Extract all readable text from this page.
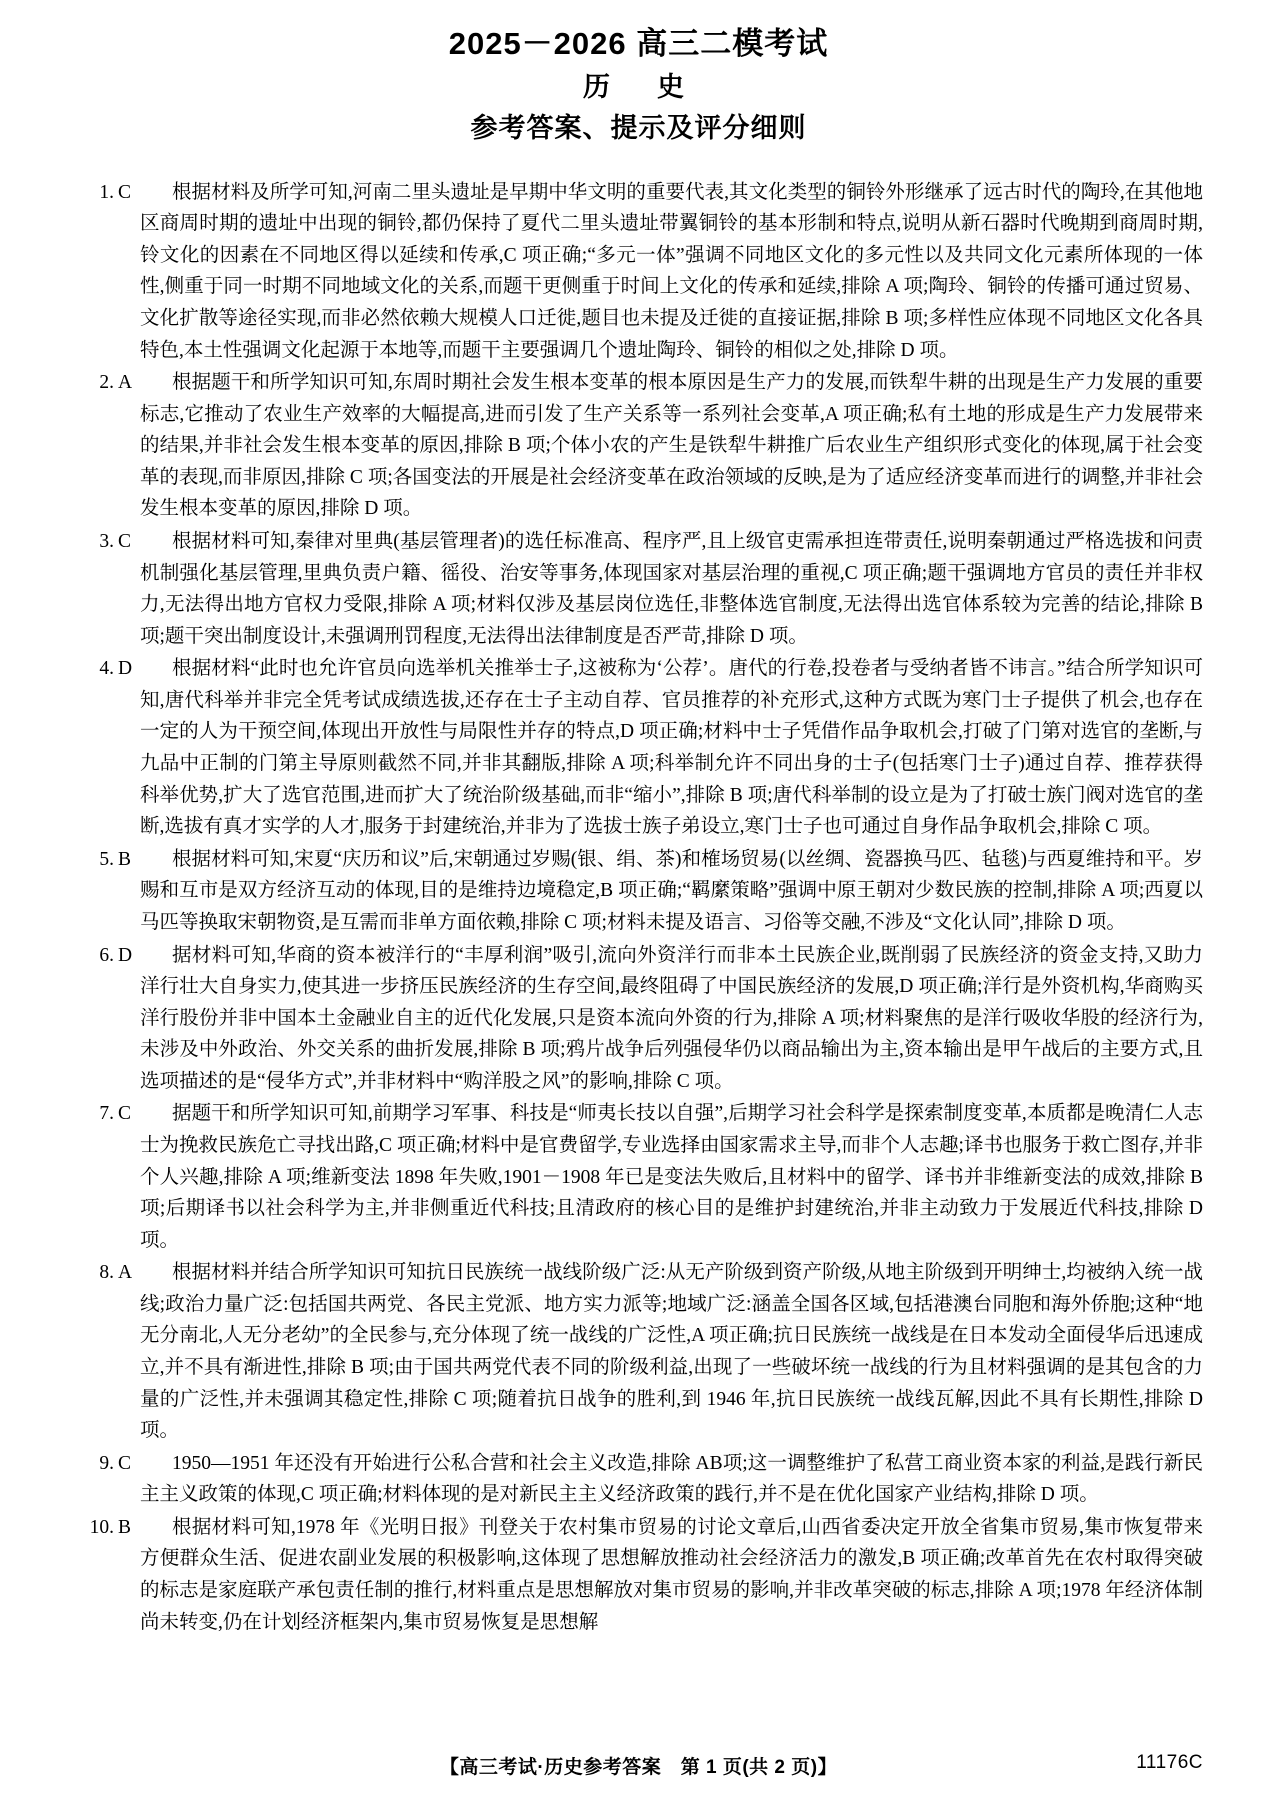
2025－2026 高三二模考试
历　史
参考答案、提示及评分细则
1. C	根据材料及所学可知,河南二里头遗址是早期中华文明的重要代表,其文化类型的铜铃外形继承了远古时代的陶玲,在其他地区商周时期的遗址中出现的铜铃,都仍保持了夏代二里头遗址带翼铜铃的基本形制和特点,说明从新石器时代晚期到商周时期,铃文化的因素在不同地区得以延续和传承,C 项正确;“多元一体”强调不同地区文化的多元性以及共同文化元素所体现的一体性,侧重于同一时期不同地域文化的关系,而题干更侧重于时间上文化的传承和延续,排除 A 项;陶玲、铜铃的传播可通过贸易、文化扩散等途径实现,而非必然依赖大规模人口迁徙,题目也未提及迁徙的直接证据,排除 B 项;多样性应体现不同地区文化各具特色,本土性强调文化起源于本地等,而题干主要强调几个遗址陶玲、铜铃的相似之处,排除 D 项。
2. A	根据题干和所学知识可知,东周时期社会发生根本变革的根本原因是生产力的发展,而铁犁牛耕的出现是生产力发展的重要标志,它推动了农业生产效率的大幅提高,进而引发了生产关系等一系列社会变革,A 项正确;私有土地的形成是生产力发展带来的结果,并非社会发生根本变革的原因,排除 B 项;个体小农的产生是铁犁牛耕推广后农业生产组织形式变化的体现,属于社会变革的表现,而非原因,排除 C 项;各国变法的开展是社会经济变革在政治领域的反映,是为了适应经济变革而进行的调整,并非社会发生根本变革的原因,排除 D 项。
3. C	根据材料可知,秦律对里典(基层管理者)的选任标准高、程序严,且上级官吏需承担连带责任,说明秦朝通过严格选拔和问责机制强化基层管理,里典负责户籍、徭役、治安等事务,体现国家对基层治理的重视,C 项正确;题干强调地方官员的责任并非权力,无法得出地方官权力受限,排除 A 项;材料仅涉及基层岗位选任,非整体选官制度,无法得出选官体系较为完善的结论,排除 B 项;题干突出制度设计,未强调刑罚程度,无法得出法律制度是否严苛,排除 D 项。
4. D	根据材料“此时也允许官员向选举机关推举士子,这被称为‘公荐’。唐代的行卷,投卷者与受纳者皆不讳言。”结合所学知识可知,唐代科举并非完全凭考试成绩选拔,还存在士子主动自荐、官员推荐的补充形式,这种方式既为寒门士子提供了机会,也存在一定的人为干预空间,体现出开放性与局限性并存的特点,D 项正确;材料中士子凭借作品争取机会,打破了门第对选官的垄断,与九品中正制的门第主导原则截然不同,并非其翻版,排除 A 项;科举制允许不同出身的士子(包括寒门士子)通过自荐、推荐获得科举优势,扩大了选官范围,进而扩大了统治阶级基础,而非“缩小”,排除 B 项;唐代科举制的设立是为了打破士族门阀对选官的垄断,选拔有真才实学的人才,服务于封建统治,并非为了选拔士族子弟设立,寒门士子也可通过自身作品争取机会,排除 C 项。
5. B	根据材料可知,宋夏“庆历和议”后,宋朝通过岁赐(银、绢、茶)和榷场贸易(以丝绸、瓷器换马匹、毡毯)与西夏维持和平。岁赐和互市是双方经济互动的体现,目的是维持边境稳定,B 项正确;“羁縻策略”强调中原王朝对少数民族的控制,排除 A 项;西夏以马匹等换取宋朝物资,是互需而非单方面依赖,排除 C 项;材料未提及语言、习俗等交融,不涉及“文化认同”,排除 D 项。
6. D	据材料可知,华商的资本被洋行的“丰厚利润”吸引,流向外资洋行而非本土民族企业,既削弱了民族经济的资金支持,又助力洋行壮大自身实力,使其进一步挤压民族经济的生存空间,最终阻碍了中国民族经济的发展,D 项正确;洋行是外资机构,华商购买洋行股份并非中国本土金融业自主的近代化发展,只是资本流向外资的行为,排除 A 项;材料聚焦的是洋行吸收华股的经济行为,未涉及中外政治、外交关系的曲折发展,排除 B 项;鸦片战争后列强侵华仍以商品输出为主,资本输出是甲午战后的主要方式,且选项描述的是“侵华方式”,并非材料中“购洋股之风”的影响,排除 C 项。
7. C	据题干和所学知识可知,前期学习军事、科技是“师夷长技以自强”,后期学习社会科学是探索制度变革,本质都是晚清仁人志士为挽救民族危亡寻找出路,C 项正确;材料中是官费留学,专业选择由国家需求主导,而非个人志趣;译书也服务于救亡图存,并非个人兴趣,排除 A 项;维新变法 1898 年失败,1901－1908 年已是变法失败后,且材料中的留学、译书并非维新变法的成效,排除 B 项;后期译书以社会科学为主,并非侧重近代科技;且清政府的核心目的是维护封建统治,并非主动致力于发展近代科技,排除 D 项。
8. A	根据材料并结合所学知识可知抗日民族统一战线阶级广泛:从无产阶级到资产阶级,从地主阶级到开明绅士,均被纳入统一战线;政治力量广泛:包括国共两党、各民主党派、地方实力派等;地域广泛:涵盖全国各区域,包括港澳台同胞和海外侨胞;这种“地无分南北,人无分老幼”的全民参与,充分体现了统一战线的广泛性,A 项正确;抗日民族统一战线是在日本发动全面侵华后迅速成立,并不具有渐进性,排除 B 项;由于国共两党代表不同的阶级利益,出现了一些破坏统一战线的行为且材料强调的是其包含的力量的广泛性,并未强调其稳定性,排除 C 项;随着抗日战争的胜利,到 1946 年,抗日民族统一战线瓦解,因此不具有长期性,排除 D 项。
9. C	1950—1951 年还没有开始进行公私合营和社会主义改造,排除 AB项;这一调整维护了私营工商业资本家的利益,是践行新民主主义政策的体现,C 项正确;材料体现的是对新民主主义经济政策的践行,并不是在优化国家产业结构,排除 D 项。
10. B	根据材料可知,1978 年《光明日报》刊登关于农村集市贸易的讨论文章后,山西省委决定开放全省集市贸易,集市恢复带来方便群众生活、促进农副业发展的积极影响,这体现了思想解放推动社会经济活力的激发,B 项正确;改革首先在农村取得突破的标志是家庭联产承包责任制的推行,材料重点是思想解放对集市贸易的影响,并非改革突破的标志,排除 A 项;1978 年经济体制尚未转变,仍在计划经济框架内,集市贸易恢复是思想解
【高三考试·历史参考答案　第 1 页(共 2 页)】	11176C
